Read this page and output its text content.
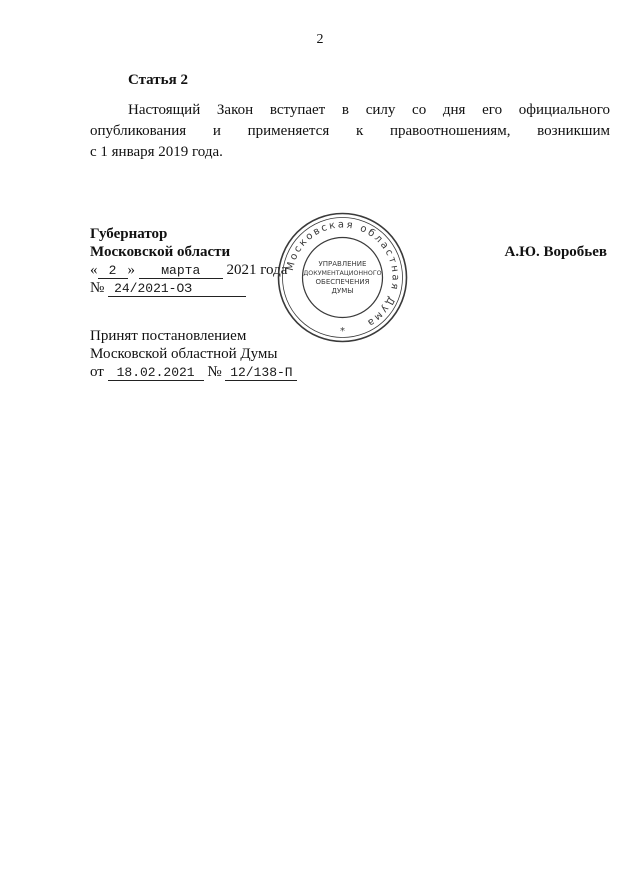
2
Статья 2
Настоящий Закон вступает в силу со дня его официального
опубликования и применяется к правоотношениям, возникшим
с 1 января 2019 года.
Губернатор
Московской области	А.Ю. Воробьев
« 2 » марта 2021 года
№ 24/2021-ОЗ
Принят постановлением
Московской областной Думы
от 18.02.2021 № 12/138-П
Московская областная Дума
УПРАВЛЕНИЕ
ДОКУМЕНТАЦИОННОГО
ОБЕСПЕЧЕНИЯ
ДУМЫ
*
